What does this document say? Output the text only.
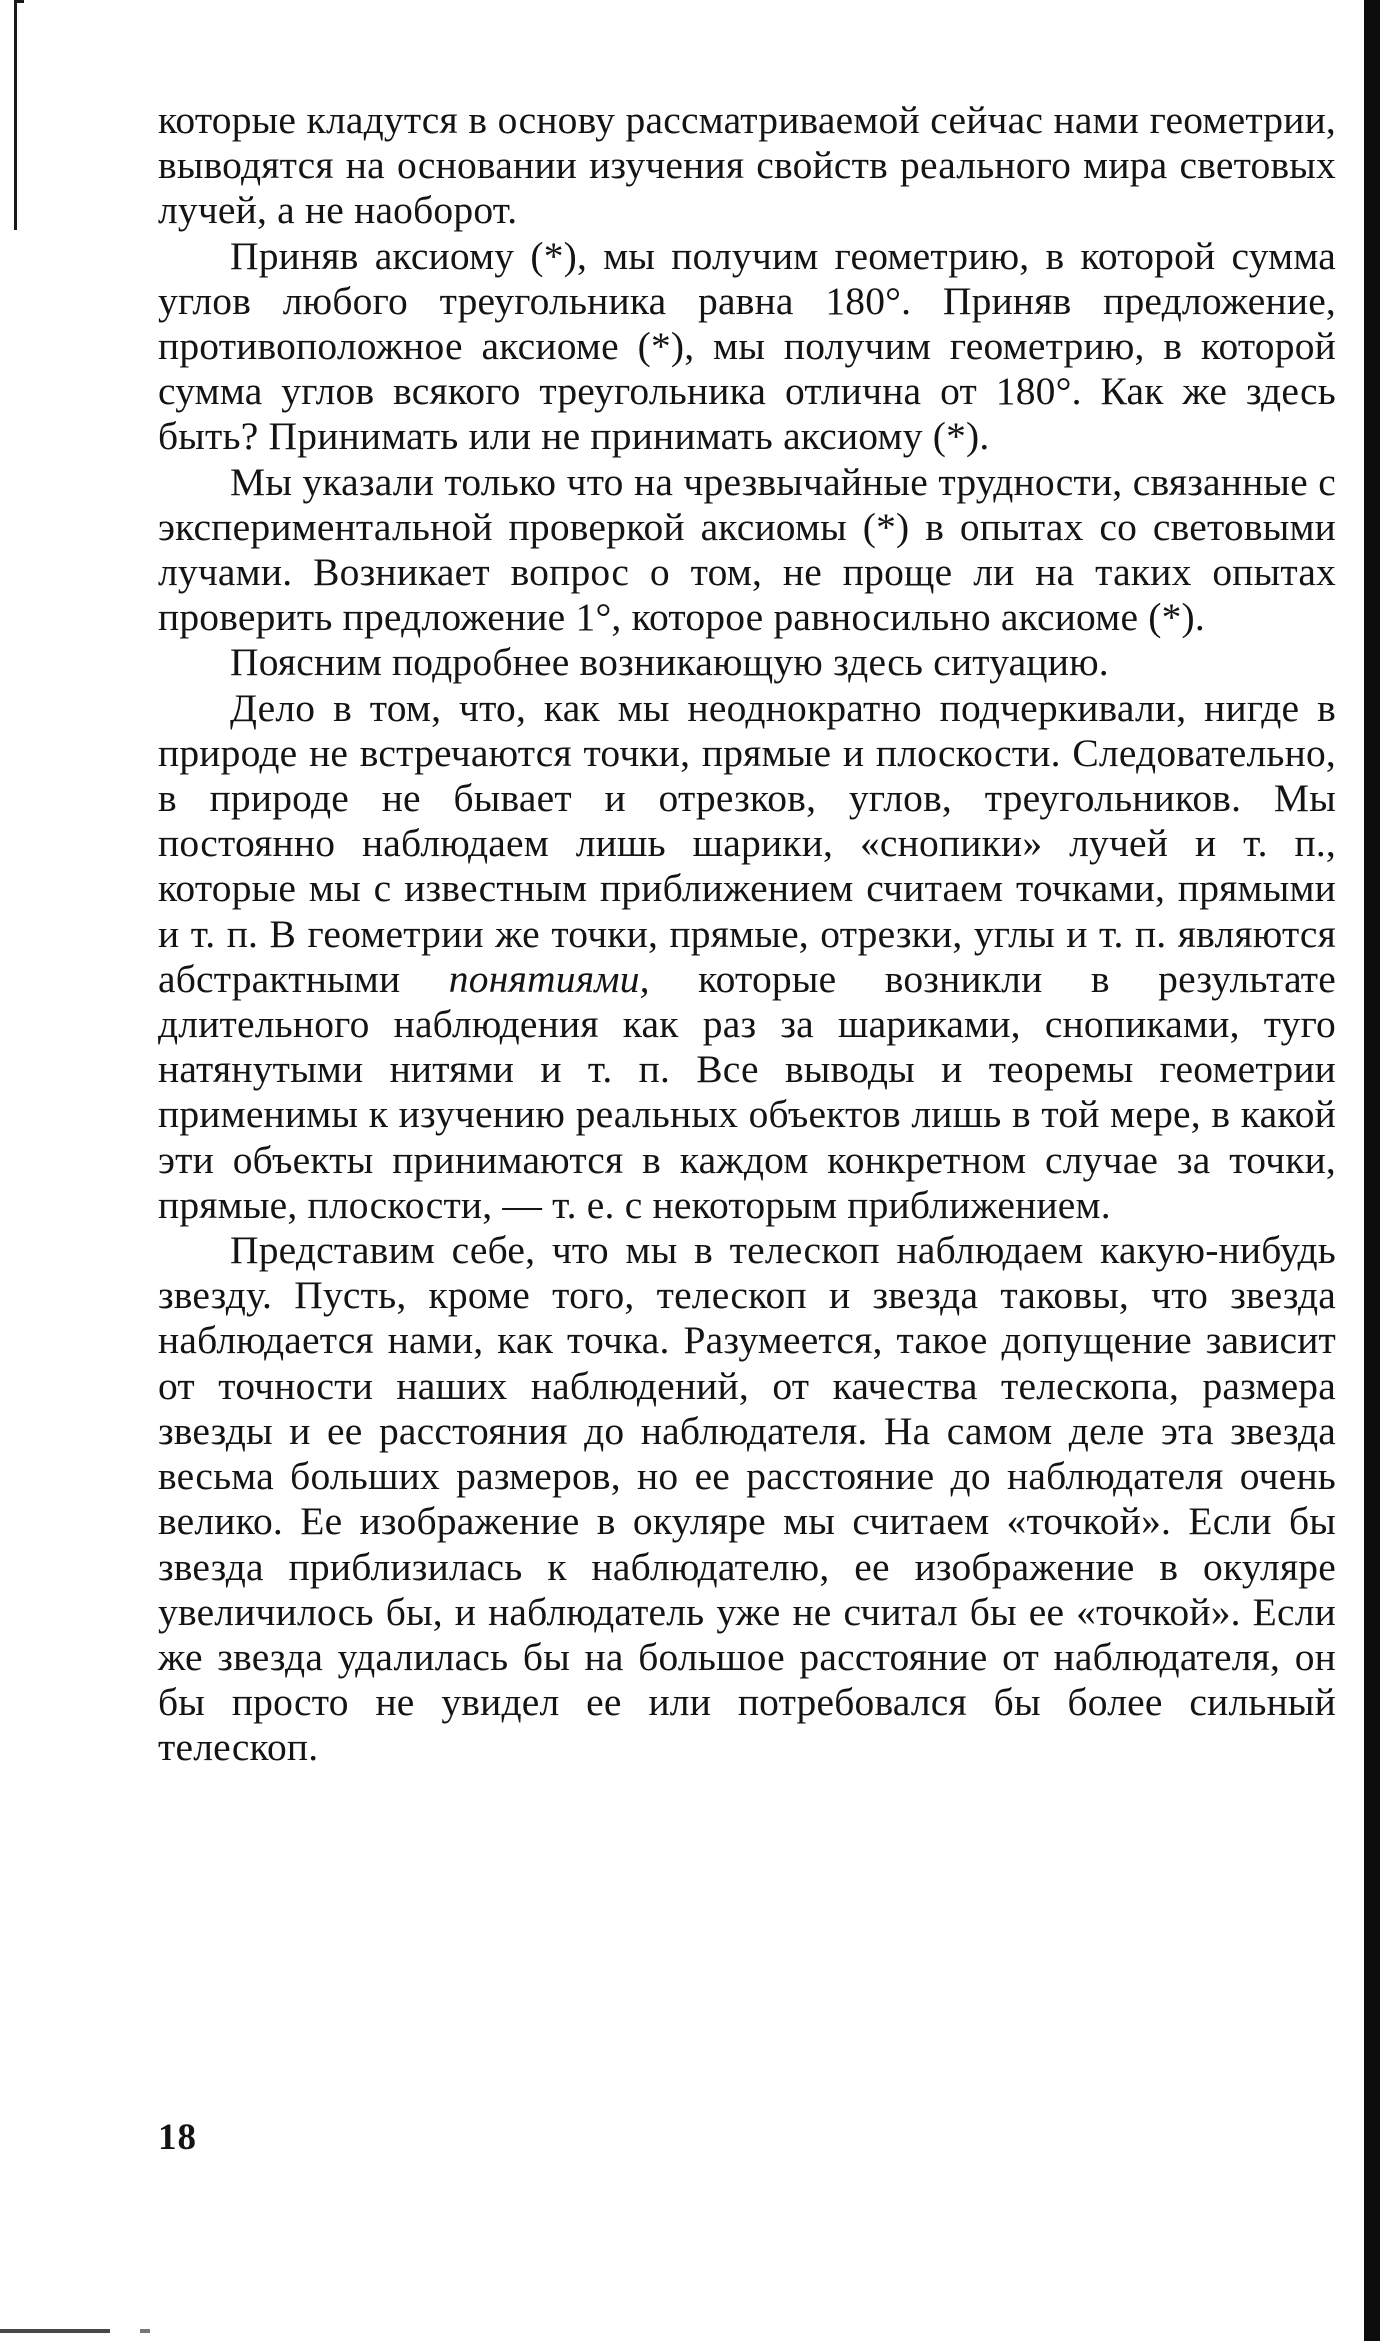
которые кладутся в основу рассматриваемой сейчас нами геометрии, выводятся на основании изучения свойств реального мира световых лучей, а не наоборот.

Приняв аксиому (*), мы получим геометрию, в которой сумма углов любого треугольника равна 180°. Приняв предложение, противоположное аксиоме (*), мы получим геометрию, в которой сумма углов всякого треугольника отлична от 180°. Как же здесь быть? Принимать или не принимать аксиому (*).

Мы указали только что на чрезвычайные трудности, связанные с экспериментальной проверкой аксиомы (*) в опытах со световыми лучами. Возникает вопрос о том, не проще ли на таких опытах проверить предложение 1°, которое равносильно аксиоме (*).

Поясним подробнее возникающую здесь ситуацию.

Дело в том, что, как мы неоднократно подчеркивали, нигде в природе не встречаются точки, прямые и плоскости. Следовательно, в природе не бывает и отрезков, углов, треугольников. Мы постоянно наблюдаем лишь шарики, «снопики» лучей и т. п., которые мы с известным приближением считаем точками, прямыми и т. п. В геометрии же точки, прямые, отрезки, углы и т. п. являются абстрактными понятиями, которые возникли в результате длительного наблюдения как раз за шариками, снопиками, туго натянутыми нитями и т. п. Все выводы и теоремы геометрии применимы к изучению реальных объектов лишь в той мере, в какой эти объекты принимаются в каждом конкретном случае за точки, прямые, плоскости, — т. е. с некоторым приближением.

Представим себе, что мы в телескоп наблюдаем какую-нибудь звезду. Пусть, кроме того, телескоп и звезда таковы, что звезда наблюдается нами, как точка. Разумеется, такое допущение зависит от точности наших наблюдений, от качества телескопа, размера звезды и ее расстояния до наблюдателя. На самом деле эта звезда весьма больших размеров, но ее расстояние до наблюдателя очень велико. Ее изображение в окуляре мы считаем «точкой». Если бы звезда приблизилась к наблюдателю, ее изображение в окуляре увеличилось бы, и наблюдатель уже не считал бы ее «точкой». Если же звезда удалилась бы на большое расстояние от наблюдателя, он бы просто не увидел ее или потребовался бы более сильный телескоп.

18
